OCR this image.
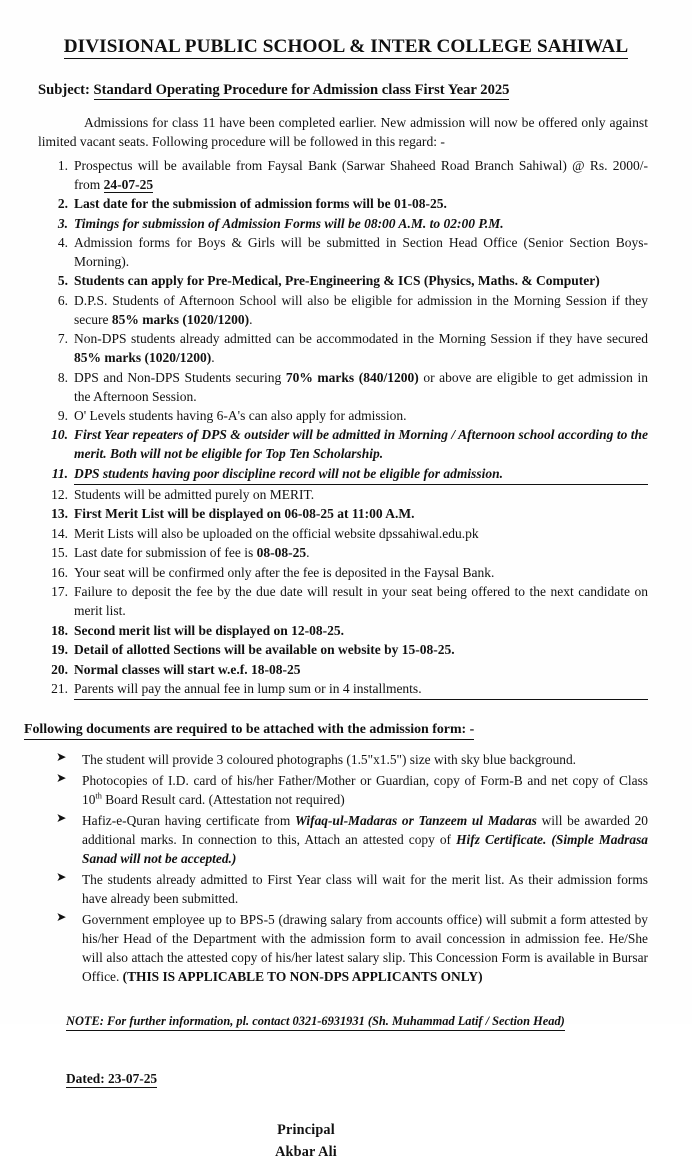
DIVISIONAL PUBLIC SCHOOL & INTER COLLEGE SAHIWAL
Subject: Standard Operating Procedure for Admission class First Year 2025

Admissions for class 11 have been completed earlier. New admission will now be offered only against limited vacant seats. Following procedure will be followed in this regard: -

1. Prospectus will be available from Faysal Bank (Sarwar Shaheed Road Branch Sahiwal) @ Rs. 2000/- from 24-07-25
2. Last date for the submission of admission forms will be 01-08-25.
3. Timings for submission of Admission Forms will be 08:00 A.M. to 02:00 P.M.
4. Admission forms for Boys & Girls will be submitted in Section Head Office (Senior Section Boys-Morning).
5. Students can apply for Pre-Medical, Pre-Engineering & ICS (Physics, Maths. & Computer)
6. D.P.S. Students of Afternoon School will also be eligible for admission in the Morning Session if they secure 85% marks (1020/1200).
7. Non-DPS students already admitted can be accommodated in the Morning Session if they have secured 85% marks (1020/1200).
8. DPS and Non-DPS Students securing 70% marks (840/1200) or above are eligible to get admission in the Afternoon Session.
9. O' Levels students having 6-A's can also apply for admission.
10. First Year repeaters of DPS & outsider will be admitted in Morning / Afternoon school according to the merit. Both will not be eligible for Top Ten Scholarship.
11. DPS students having poor discipline record will not be eligible for admission.
12. Students will be admitted purely on MERIT.
13. First Merit List will be displayed on 06-08-25 at 11:00 A.M.
14. Merit Lists will also be uploaded on the official website dpssahiwal.edu.pk
15. Last date for submission of fee is 08-08-25.
16. Your seat will be confirmed only after the fee is deposited in the Faysal Bank.
17. Failure to deposit the fee by the due date will result in your seat being offered to the next candidate on merit list.
18. Second merit list will be displayed on 12-08-25.
19. Detail of allotted Sections will be available on website by 15-08-25.
20. Normal classes will start w.e.f. 18-08-25
21. Parents will pay the annual fee in lump sum or in 4 installments.
Following documents are required to be attached with the admission form: -
➤ The student will provide 3 coloured photographs (1.5"x1.5") size with sky blue background.
➤ Photocopies of I.D. card of his/her Father/Mother or Guardian, copy of Form-B and net copy of Class 10th Board Result card. (Attestation not required)
➤ Hafiz-e-Quran having certificate from Wifaq-ul-Madaras or Tanzeem ul Madaras will be awarded 20 additional marks. In connection to this, Attach an attested copy of Hifz Certificate. (Simple Madrasa Sanad will not be accepted.)
➤ The students already admitted to First Year class will wait for the merit list. As their admission forms have already been submitted.
➤ Government employee up to BPS-5 (drawing salary from accounts office) will submit a form attested by his/her Head of the Department with the admission form to avail concession in admission fee. He/She will also attach the attested copy of his/her latest salary slip. This Concession Form is available in Bursar Office. (THIS IS APPLICABLE TO NON-DPS APPLICANTS ONLY)
NOTE: For further information, pl. contact 0321-6931931 (Sh. Muhammad Latif / Section Head)
Dated: 23-07-25
Principal
Akbar Ali
